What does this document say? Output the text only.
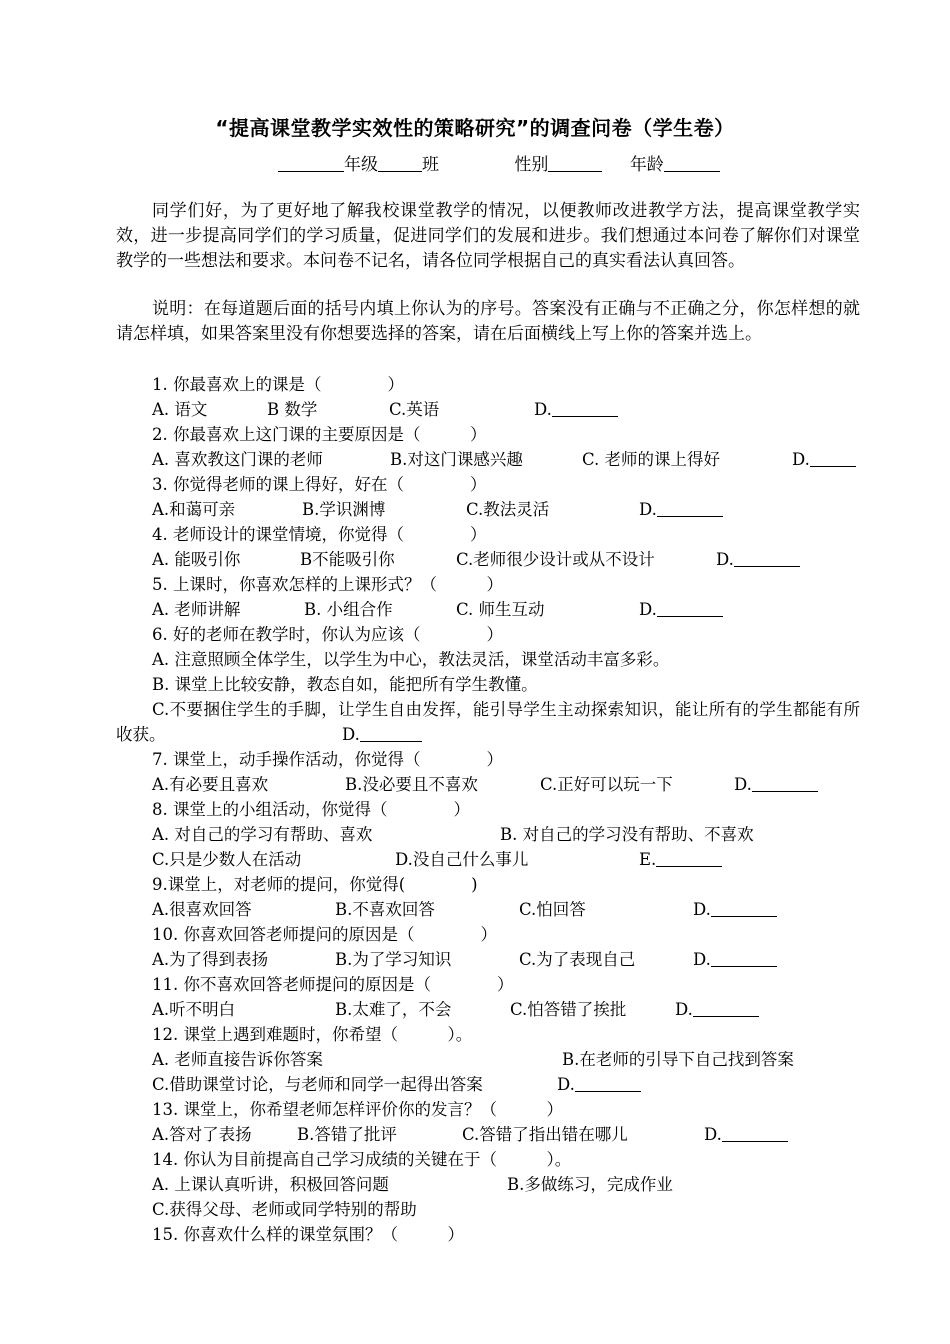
“提高课堂教学实效性的策略研究”的调查问卷（学生卷）
年级	班	性别	年龄

同学们好，为了更好地了解我校课堂教学的情况，以便教师改进教学方法，提高课堂教学实效，进一步提高同学们的学习质量，促进同学们的发展和进步。我们想通过本问卷了解你们对课堂教学的一些想法和要求。本问卷不记名，请各位同学根据自己的真实看法认真回答。

说明：在每道题后面的括号内填上你认为的序号。答案没有正确与不正确之分，你怎样想的就请怎样填，如果答案里没有你想要选择的答案，请在后面横线上写上你的答案并选上。

1. 你最喜欢上的课是（　　　　）
A. 语文	B 数学	C.英语	D.
2. 你最喜欢上这门课的主要原因是（　　　）
A. 喜欢教这门课的老师	B.对这门课感兴趣	C. 老师的课上得好	D.
3. 你觉得老师的课上得好，好在（　　　　）
A.和蔼可亲	B.学识渊博	C.教法灵活	D.
4. 老师设计的课堂情境，你觉得（　　　　）
A. 能吸引你	B不能吸引你	C.老师很少设计或从不设计	D.
5. 上课时，你喜欢怎样的上课形式？（　　　）
A. 老师讲解	B. 小组合作	C. 师生互动	D.
6. 好的老师在教学时，你认为应该（　　　　）
A. 注意照顾全体学生，以学生为中心，教法灵活，课堂活动丰富多彩。
B. 课堂上比较安静，教态自如，能把所有学生教懂。

C.不要捆住学生的手脚，让学生自由发挥，能引导学生主动探索知识，能让所有的学生都能有所收获。	D.
7. 课堂上，动手操作活动，你觉得（　　　　）
A.有必要且喜欢	B.没必要且不喜欢	C.正好可以玩一下	D.
8. 课堂上的小组活动，你觉得（　　　　）
A. 对自己的学习有帮助、喜欢	B. 对自己的学习没有帮助、不喜欢
C.只是少数人在活动	D.没自己什么事儿	E.
9.课堂上，对老师的提问，你觉得(　　　　)
A.很喜欢回答	B.不喜欢回答	C.怕回答	D.
10. 你喜欢回答老师提问的原因是（　　　　）
A.为了得到表扬	B.为了学习知识	C.为了表现自己	D.
11. 你不喜欢回答老师提问的原因是（　　　　）
A.听不明白	B.太难了，不会	C.怕答错了挨批	D.
12. 课堂上遇到难题时，你希望（　　　）。
A. 老师直接告诉你答案	B.在老师的引导下自己找到答案
C.借助课堂讨论，与老师和同学一起得出答案	D.
13. 课堂上，你希望老师怎样评价你的发言？（　　　）
A.答对了表扬	B.答错了批评	C.答错了指出错在哪儿	D.
14. 你认为目前提高自己学习成绩的关键在于（　　　）。
A. 上课认真听讲，积极回答问题	B.多做练习，完成作业
C.获得父母、老师或同学特别的帮助
15. 你喜欢什么样的课堂氛围？（　　　）
